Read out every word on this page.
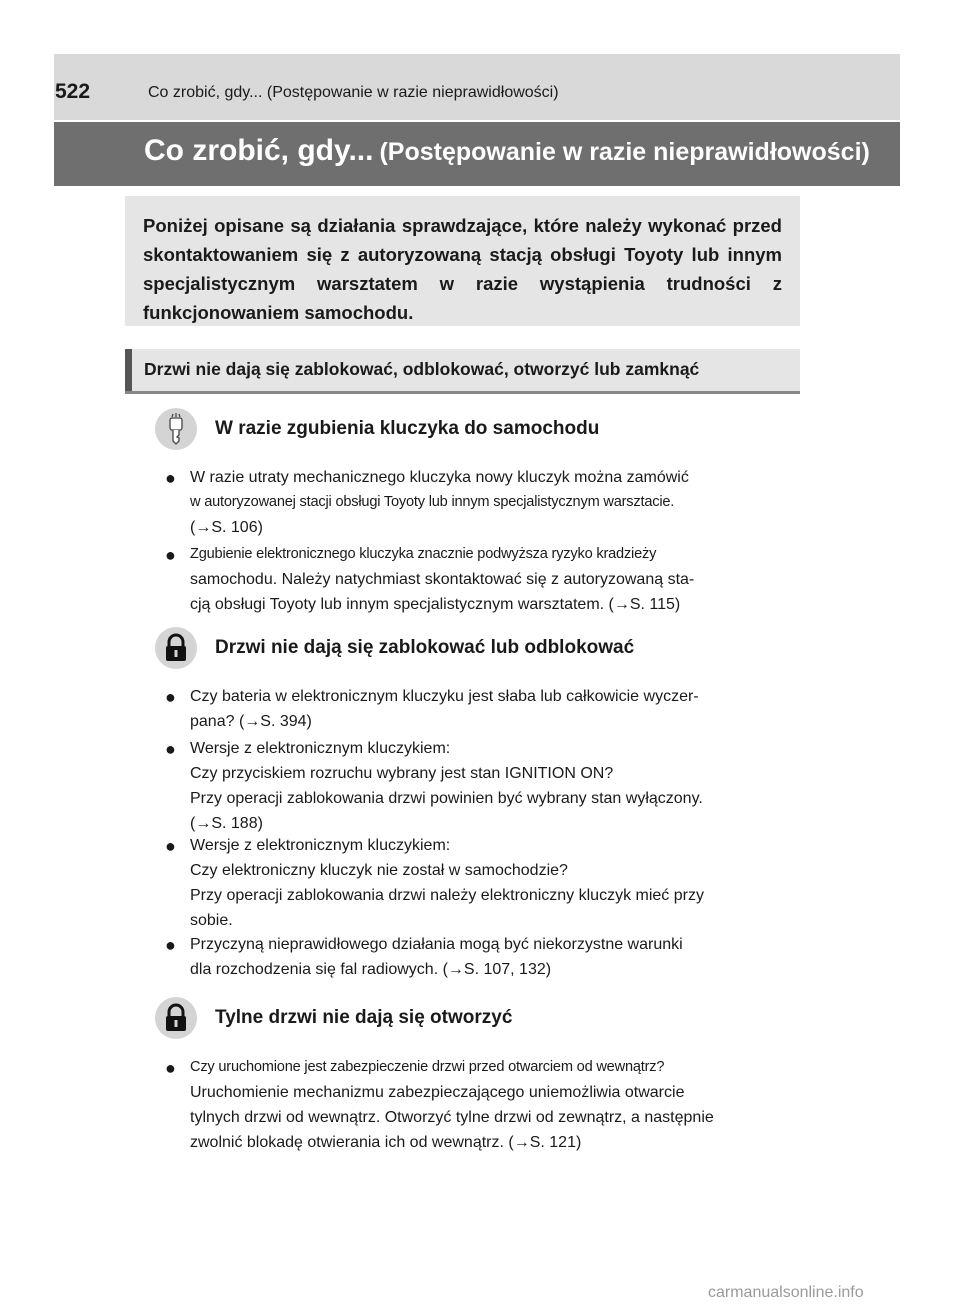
522	Co zrobić, gdy... (Postępowanie w razie nieprawidłowości)
Co zrobić, gdy... (Postępowanie w razie nieprawidłowości)

Poniżej opisane są działania sprawdzające, które należy wykonać przed skontaktowaniem się z autoryzowaną stacją obsługi Toyoty lub innym specjalistycznym warsztatem w razie wystąpienia trudności z funkcjonowaniem samochodu.

Drzwi nie dają się zablokować, odblokować, otworzyć lub zamknąć
W razie zgubienia kluczyka do samochodu
● W razie utraty mechanicznego kluczyka nowy kluczyk można zamówić

w autoryzowanej stacji obsługi Toyoty lub innym specjalistycznym warsztacie.

(→S. 106)

● Zgubienie elektronicznego kluczyka znacznie podwyższa ryzyko kradzieży

samochodu. Należy natychmiast skontaktować się z autoryzowaną sta-

cją obsługi Toyoty lub innym specjalistycznym warsztatem. (→S. 115)

Drzwi nie dają się zablokować lub odblokować
● Czy bateria w elektronicznym kluczyku jest słaba lub całkowicie wyczer-

pana? (→S. 394)

● Wersje z elektronicznym kluczykiem:

Czy przyciskiem rozruchu wybrany jest stan IGNITION ON?

Przy operacji zablokowania drzwi powinien być wybrany stan wyłączony.

(→S. 188)

● Wersje z elektronicznym kluczykiem:

Czy elektroniczny kluczyk nie został w samochodzie?

Przy operacji zablokowania drzwi należy elektroniczny kluczyk mieć przy

sobie.

● Przyczyną nieprawidłowego działania mogą być niekorzystne warunki

dla rozchodzenia się fal radiowych. (→S. 107, 132)

Tylne drzwi nie dają się otworzyć
● Czy uruchomione jest zabezpieczenie drzwi przed otwarciem od wewnątrz?

Uruchomienie mechanizmu zabezpieczającego uniemożliwia otwarcie

tylnych drzwi od wewnątrz. Otworzyć tylne drzwi od zewnątrz, a następnie

zwolnić blokadę otwierania ich od wewnątrz. (→S. 121)

carmanualsonline.info
